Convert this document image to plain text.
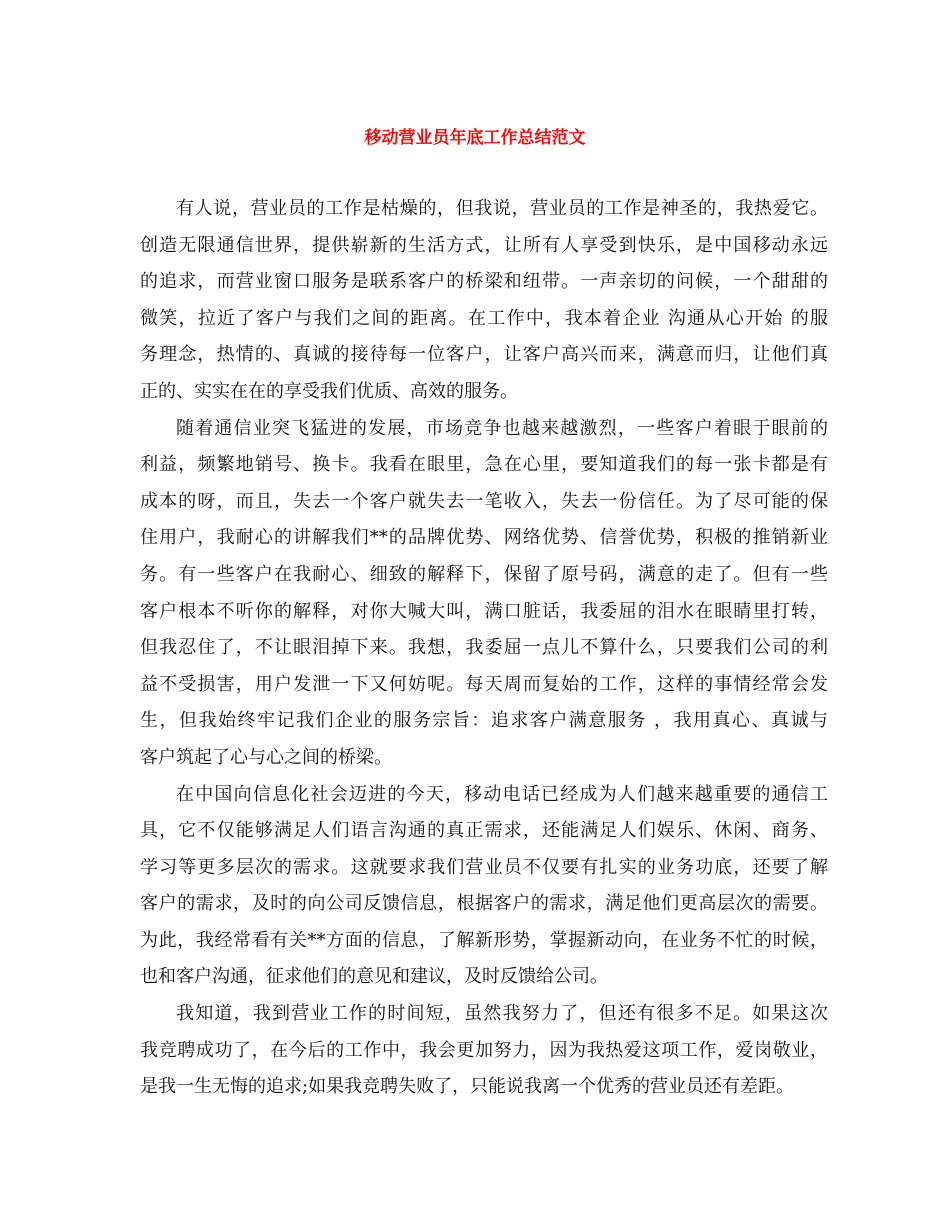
移动营业员年底工作总结范文
有人说，营业员的工作是枯燥的，但我说，营业员的工作是神圣的，我热爱它。
创造无限通信世界，提供崭新的生活方式，让所有人享受到快乐，是中国移动永远
的追求，而营业窗口服务是联系客户的桥梁和纽带。一声亲切的问候，一个甜甜的
微笑，拉近了客户与我们之间的距离。在工作中，我本着企业 沟通从心开始 的服
务理念，热情的、真诚的接待每一位客户，让客户高兴而来，满意而归，让他们真
正的、实实在在的享受我们优质、高效的服务。
随着通信业突飞猛进的发展，市场竞争也越来越激烈，一些客户着眼于眼前的
利益，频繁地销号、换卡。我看在眼里，急在心里，要知道我们的每一张卡都是有
成本的呀，而且，失去一个客户就失去一笔收入，失去一份信任。为了尽可能的保
住用户，我耐心的讲解我们**的品牌优势、网络优势、信誉优势，积极的推销新业
务。有一些客户在我耐心、细致的解释下，保留了原号码，满意的走了。但有一些
客户根本不听你的解释，对你大喊大叫，满口脏话，我委屈的泪水在眼睛里打转，
但我忍住了，不让眼泪掉下来。我想，我委屈一点儿不算什么，只要我们公司的利
益不受损害，用户发泄一下又何妨呢。每天周而复始的工作，这样的事情经常会发
生，但我始终牢记我们企业的服务宗旨：追求客户满意服务 ，我用真心、真诚与
客户筑起了心与心之间的桥梁。
在中国向信息化社会迈进的今天，移动电话已经成为人们越来越重要的通信工
具，它不仅能够满足人们语言沟通的真正需求，还能满足人们娱乐、休闲、商务、
学习等更多层次的需求。这就要求我们营业员不仅要有扎实的业务功底，还要了解
客户的需求，及时的向公司反馈信息，根据客户的需求，满足他们更高层次的需要。
为此，我经常看有关**方面的信息，了解新形势，掌握新动向，在业务不忙的时候，
也和客户沟通，征求他们的意见和建议，及时反馈给公司。
我知道，我到营业工作的时间短，虽然我努力了，但还有很多不足。如果这次
我竞聘成功了，在今后的工作中，我会更加努力，因为我热爱这项工作，爱岗敬业，
是我一生无悔的追求;如果我竞聘失败了，只能说我离一个优秀的营业员还有差距。
